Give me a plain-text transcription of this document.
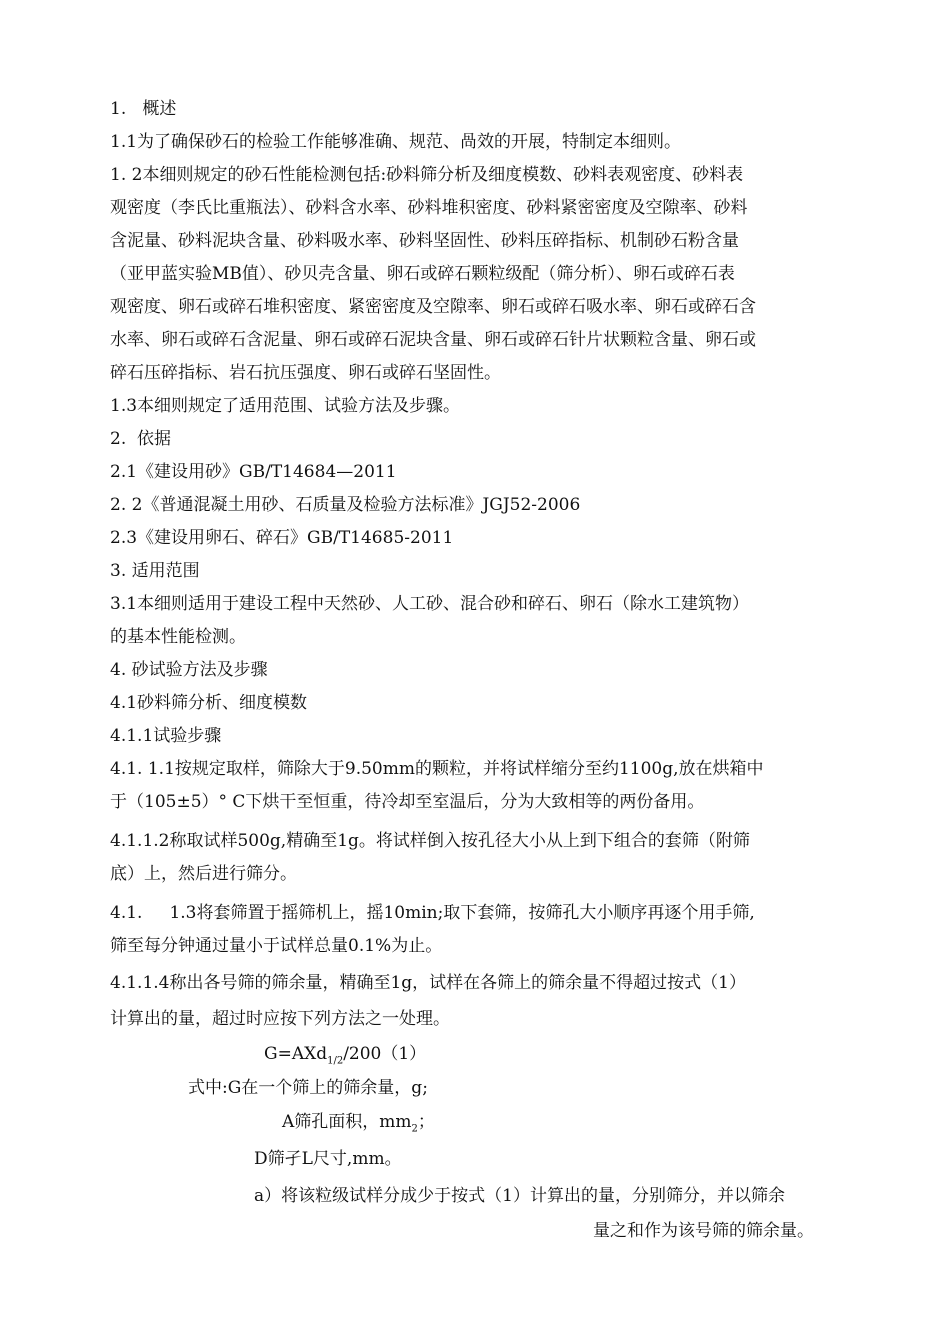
1.   概述
1.1为了确保砂石的检验工作能够准确、规范、咼效的开展，特制定本细则。
1. 2本细则规定的砂石性能检测包括:砂料筛分析及细度模数、砂料表观密度、砂料表
观密度（李氏比重瓶法）、砂料含水率、砂料堆积密度、砂料紧密密度及空隙率、砂料
含泥量、砂料泥块含量、砂料吸水率、砂料坚固性、砂料压碎指标、机制砂石粉含量
（亚甲蓝实验MB值）、砂贝壳含量、卵石或碎石颗粒级配（筛分析）、卵石或碎石表
观密度、卵石或碎石堆积密度、紧密密度及空隙率、卵石或碎石吸水率、卵石或碎石含
水率、卵石或碎石含泥量、卵石或碎石泥块含量、卵石或碎石针片状颗粒含量、卵石或
碎石压碎指标、岩石抗压强度、卵石或碎石坚固性。
1.3本细则规定了适用范围、试验方法及步骤。
2.  依据
2.1《建设用砂》GB/T14684—2011
2. 2《普通混凝土用砂、石质量及检验方法标准》JGJ52-2006
2.3《建设用卵石、碎石》GB/T14685-2011
3. 适用范围
3.1本细则适用于建设工程中天然砂、人工砂、混合砂和碎石、卵石（除水工建筑物）
的基本性能检测。
4. 砂试验方法及步骤
4.1砂料筛分析、细度模数
4.1.1试验步骤
4.1. 1.1按规定取样，筛除大于9.50mm的颗粒，并将试样缩分至约1100g,放在烘箱中
于（105±5）° C下烘干至恒重，待冷却至室温后，分为大致相等的两份备用。
4.1.1.2称取试样500g,精确至1g。将试样倒入按孔径大小从上到下组合的套筛（附筛
底）上，然后进行筛分。
4.1.     1.3将套筛置于摇筛机上，摇10min;取下套筛，按筛孔大小顺序再逐个用手筛,
筛至每分钟通过量小于试样总量0.1%为止。
4.1.1.4称出各号筛的筛余量，精确至1g，试样在各筛上的筛余量不得超过按式（1）
计算出的量，超过时应按下列方法之一处理。
G=AXd$_{1/2}$/200（1）
式中:G在一个筛上的筛余量，g;
A筛孔面积，$mm_2$；
D筛孑L尺寸,mm。
a）将该粒级试样分成少于按式（1）计算出的量，分别筛分，并以筛余
量之和作为该号筛的筛余量。
